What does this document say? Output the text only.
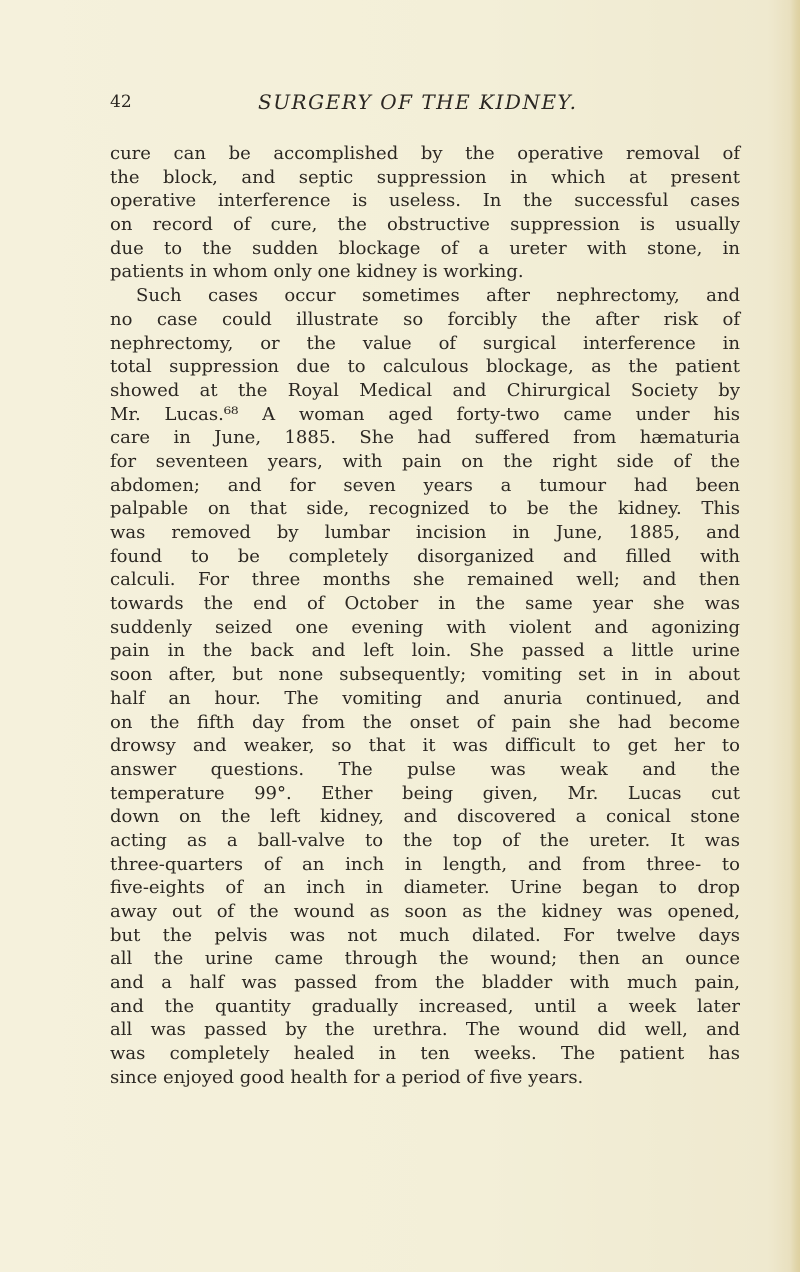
42	SURGERY OF THE KIDNEY.
cure can be accomplished by the operative removal of
the block, and septic suppression in which at present
operative interference is useless. In the successful cases
on record of cure, the obstructive suppression is usually
due to the sudden blockage of a ureter with stone, in
patients in whom only one kidney is working.
Such cases occur sometimes after nephrectomy, and
no case could illustrate so forcibly the after risk of
nephrectomy, or the value of surgical interference in
total suppression due to calculous blockage, as the patient
showed at the Royal Medical and Chirurgical Society by
Mr. Lucas.⁶⁸ A woman aged forty-two came under his
care in June, 1885. She had suffered from hæmaturia
for seventeen years, with pain on the right side of the
abdomen; and for seven years a tumour had been
palpable on that side, recognized to be the kidney. This
was removed by lumbar incision in June, 1885, and
found to be completely disorganized and filled with
calculi. For three months she remained well; and then
towards the end of October in the same year she was
suddenly seized one evening with violent and agonizing
pain in the back and left loin. She passed a little urine
soon after, but none subsequently; vomiting set in in about
half an hour. The vomiting and anuria continued, and
on the fifth day from the onset of pain she had become
drowsy and weaker, so that it was difficult to get her to
answer questions. The pulse was weak and the
temperature 99°. Ether being given, Mr. Lucas cut
down on the left kidney, and discovered a conical stone
acting as a ball-valve to the top of the ureter. It was
three-quarters of an inch in length, and from three- to
five-eights of an inch in diameter. Urine began to drop
away out of the wound as soon as the kidney was opened,
but the pelvis was not much dilated. For twelve days
all the urine came through the wound; then an ounce
and a half was passed from the bladder with much pain,
and the quantity gradually increased, until a week later
all was passed by the urethra. The wound did well, and
was completely healed in ten weeks. The patient has
since enjoyed good health for a period of five years.
